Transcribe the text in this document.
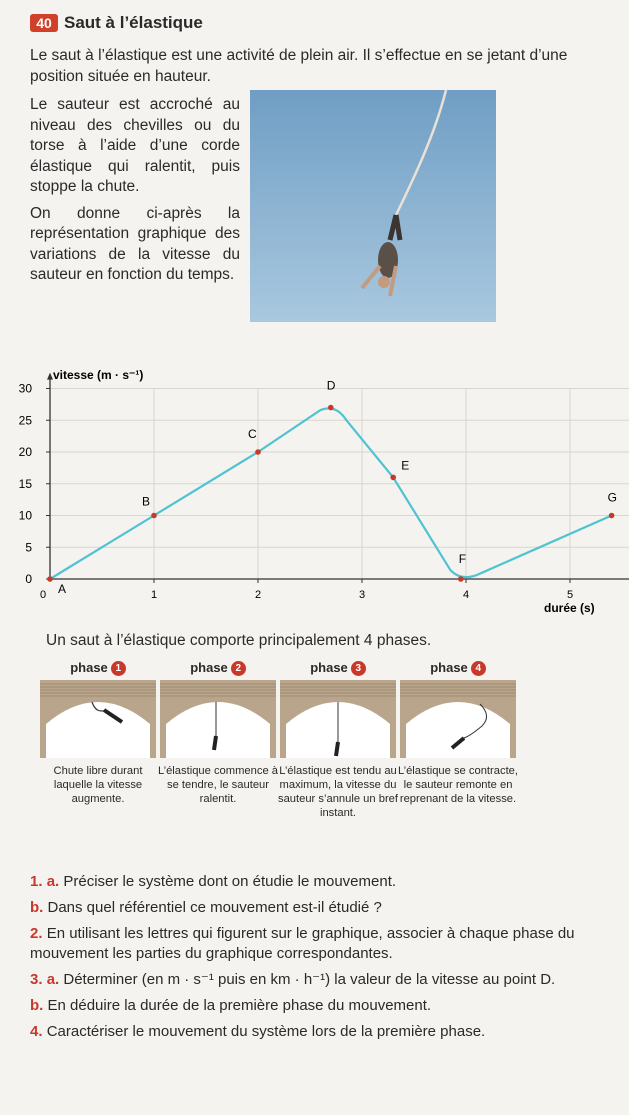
40 Saut à l’élastique
Le saut à l’élastique est une activité de plein air. Il s’effectue en se jetant d’une position située en hauteur.
Le sauteur est accroché au niveau des chevilles ou du torse à l’aide d’une corde élastique qui ralentit, puis stoppe la chute.
On donne ci-après la représentation graphique des variations de la vitesse du sauteur en fonction du temps.
0
5
10
15
20
25
30
1	2	3	4	5
0
vitesse (m · s⁻¹)
durée (s)
A
B
C
D
E
F
G
Un saut à l’élastique comporte principalement 4 phases.
phase 1
Chute libre durant laquelle la vitesse augmente.
phase 2
L’élastique commence à se tendre, le sauteur ralentit.
phase 3
L’élastique est tendu au maximum, la vitesse du sauteur s’annule un bref instant.
phase 4
L’élastique se contracte, le sauteur remonte en reprenant de la vitesse.

1. a. Préciser le système dont on étudie le mouvement.

b. Dans quel référentiel ce mouvement est-il étudié ?

2. En utilisant les lettres qui figurent sur le graphique, associer à chaque phase du mouvement les parties du graphique correspondantes.

3. a. Déterminer (en m · s⁻¹ puis en km · h⁻¹) la valeur de la vitesse au point D.

b. En déduire la durée de la première phase du mouvement.

4. Caractériser le mouvement du système lors de la première phase.
